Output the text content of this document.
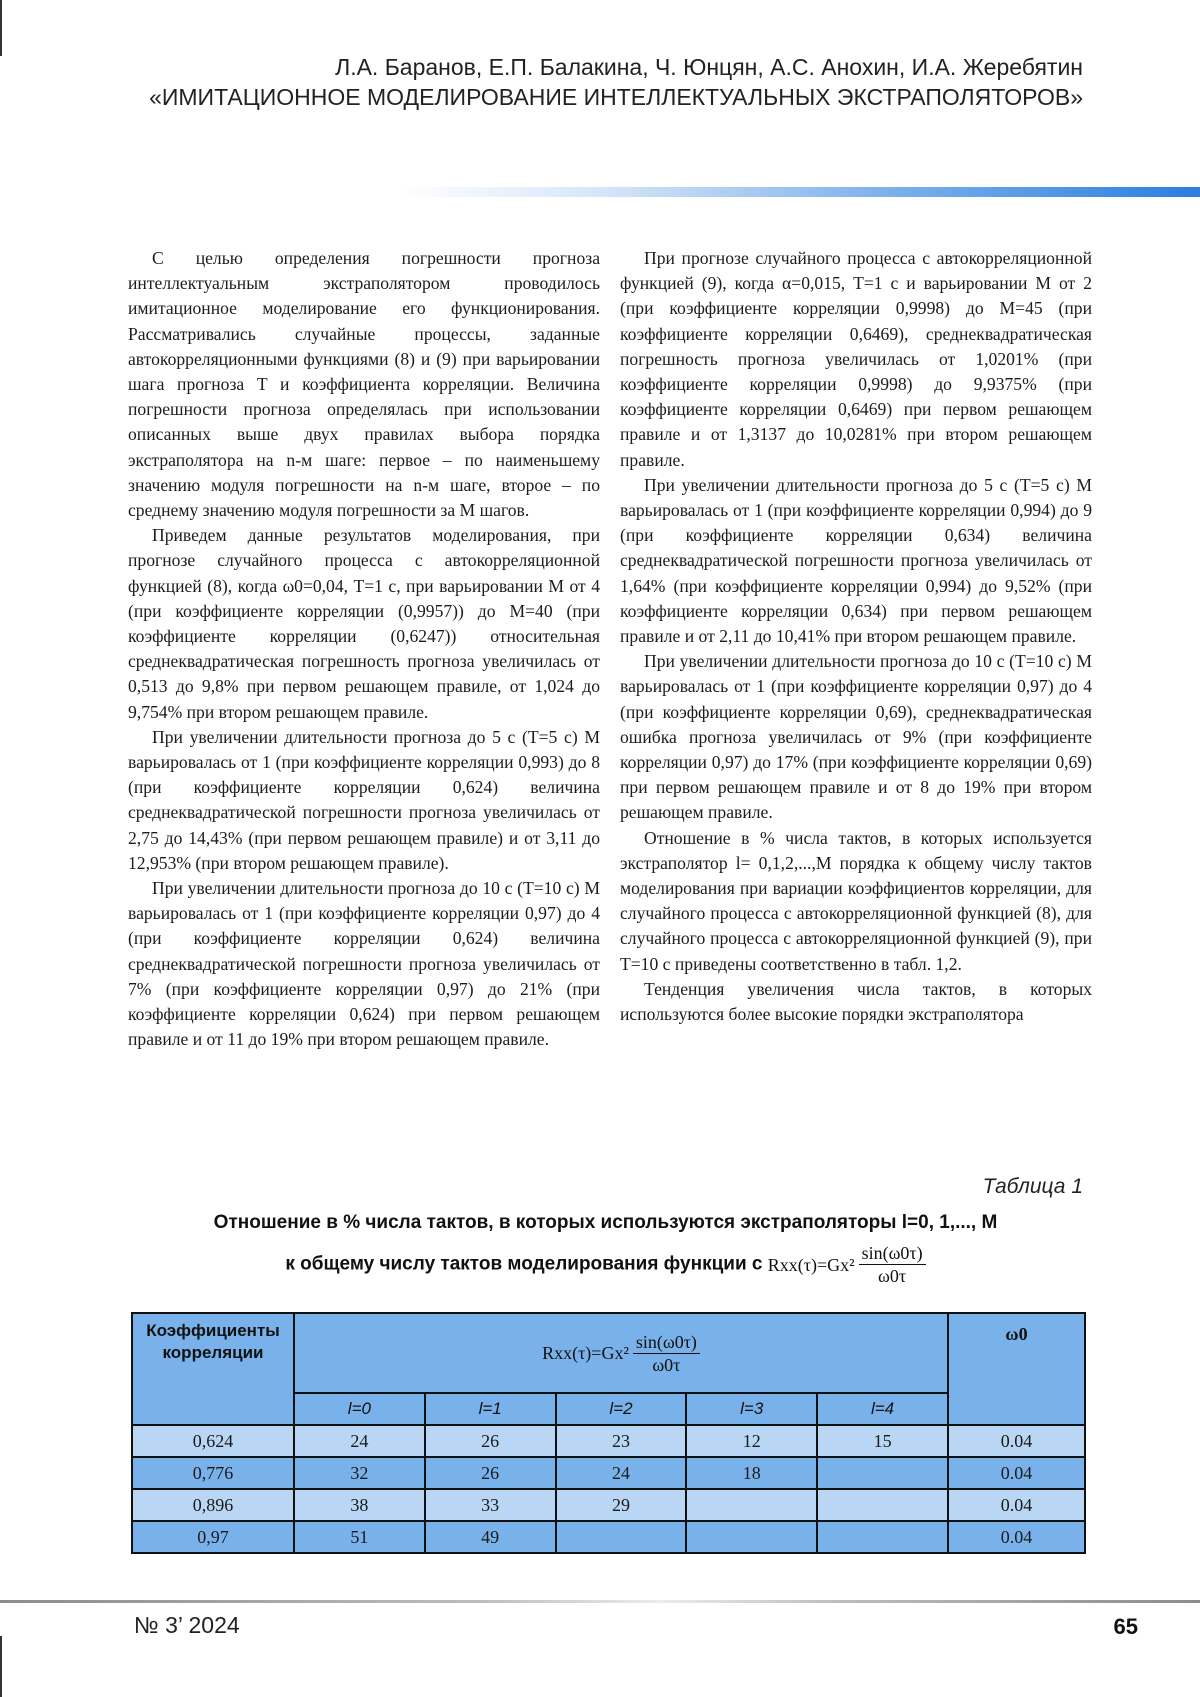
Л.А. Баранов, Е.П. Балакина, Ч. Юнцян, А.С. Анохин, И.А. Жеребятин
«ИМИТАЦИОННОЕ МОДЕЛИРОВАНИЕ ИНТЕЛЛЕКТУАЛЬНЫХ ЭКСТРАПОЛЯТОРОВ»

С целью определения погрешности прогноза интеллектуальным экстраполятором проводилось имитационное моделирование его функционирования. Рассматривались случайные процессы, заданные автокорреляционными функциями (8) и (9) при варьировании шага прогноза T и коэффициента корреляции. Величина погрешности прогноза определялась при использовании описанных выше двух правилах выбора порядка экстраполятора на n-м шаге: первое – по наименьшему значению модуля погрешности на n-м шаге, второе – по среднему значению модуля погрешности за M шагов.

Приведем данные результатов моделирования, при прогнозе случайного процесса с автокорреляционной функцией (8), когда ω0=0,04, T=1 с, при варьировании M от 4 (при коэффициенте корреляции (0,9957)) до M=40 (при коэффициенте корреляции (0,6247)) относительная среднеквадратическая погрешность прогноза увеличилась от 0,513 до 9,8% при первом решающем правиле, от 1,024 до 9,754% при втором решающем правиле.

При увеличении длительности прогноза до 5 с (T=5 с) M варьировалась от 1 (при коэффициенте корреляции 0,993) до 8 (при коэффициенте корреляции 0,624) величина среднеквадратической погрешности прогноза увеличилась от 2,75 до 14,43% (при первом решающем правиле) и от 3,11 до 12,953% (при втором решающем правиле).

При увеличении длительности прогноза до 10 с (T=10 с) M варьировалась от 1 (при коэффициенте корреляции 0,97) до 4 (при коэффициенте корреляции 0,624) величина среднеквадратической погрешности прогноза увеличилась от 7% (при коэффициенте корреляции 0,97) до 21% (при коэффициенте корреляции 0,624) при первом решающем правиле и от 11 до 19% при втором решающем правиле.

При прогнозе случайного процесса с автокорреляционной функцией (9), когда α=0,015, T=1 с и варьировании M от 2 (при коэффициенте корреляции 0,9998) до M=45 (при коэффициенте корреляции 0,6469), среднеквадратическая погрешность прогноза увеличилась от 1,0201% (при коэффициенте корреляции 0,9998) до 9,9375% (при коэффициенте корреляции 0,6469) при первом решающем правиле и от 1,3137 до 10,0281% при втором решающем правиле.

При увеличении длительности прогноза до 5 с (T=5 с) M варьировалась от 1 (при коэффициенте корреляции 0,994) до 9 (при коэффициенте корреляции 0,634) величина среднеквадратической погрешности прогноза увеличилась от 1,64% (при коэффициенте корреляции 0,994) до 9,52% (при коэффициенте корреляции 0,634) при первом решающем правиле и от 2,11 до 10,41% при втором решающем правиле.

При увеличении длительности прогноза до 10 с (T=10 с) M варьировалась от 1 (при коэффициенте корреляции 0,97) до 4 (при коэффициенте корреляции 0,69), среднеквадратическая ошибка прогноза увеличилась от 9% (при коэффициенте корреляции 0,97) до 17% (при коэффициенте корреляции 0,69) при первом решающем правиле и от 8 до 19% при втором решающем правиле.

Отношение в % числа тактов, в которых используется экстраполятор l= 0,1,2,...,M порядка к общему числу тактов моделирования при вариации коэффициентов корреляции, для случайного процесса с автокорреляционной функцией (8), для случайного процесса с автокорреляционной функцией (9), при T=10 с приведены соответственно в табл. 1,2.

Тенденция увеличения числа тактов, в которых используются более высокие порядки экстраполятора

Таблица 1
Отношение в % числа тактов, в которых используются экстраполяторы l=0, 1,..., M
к общему числу тактов моделирования функции с $Rxx(\tau)=Gx^2 \frac{\sin(\omega 0\tau)}{\omega 0\tau}$
Коэффициенты корреляции	$Rxx(\tau)=Gx^2 \frac{\sin(\omega 0\tau)}{\omega 0\tau}$					ω0
	l=0	l=1	l=2	l=3	l=4	
0,624	24	26	23	12	15	0.04
0,776	32	26	24	18		0.04
0,896	38	33	29			0.04
0,97	51	49				0.04
№ 3’ 2024	65
